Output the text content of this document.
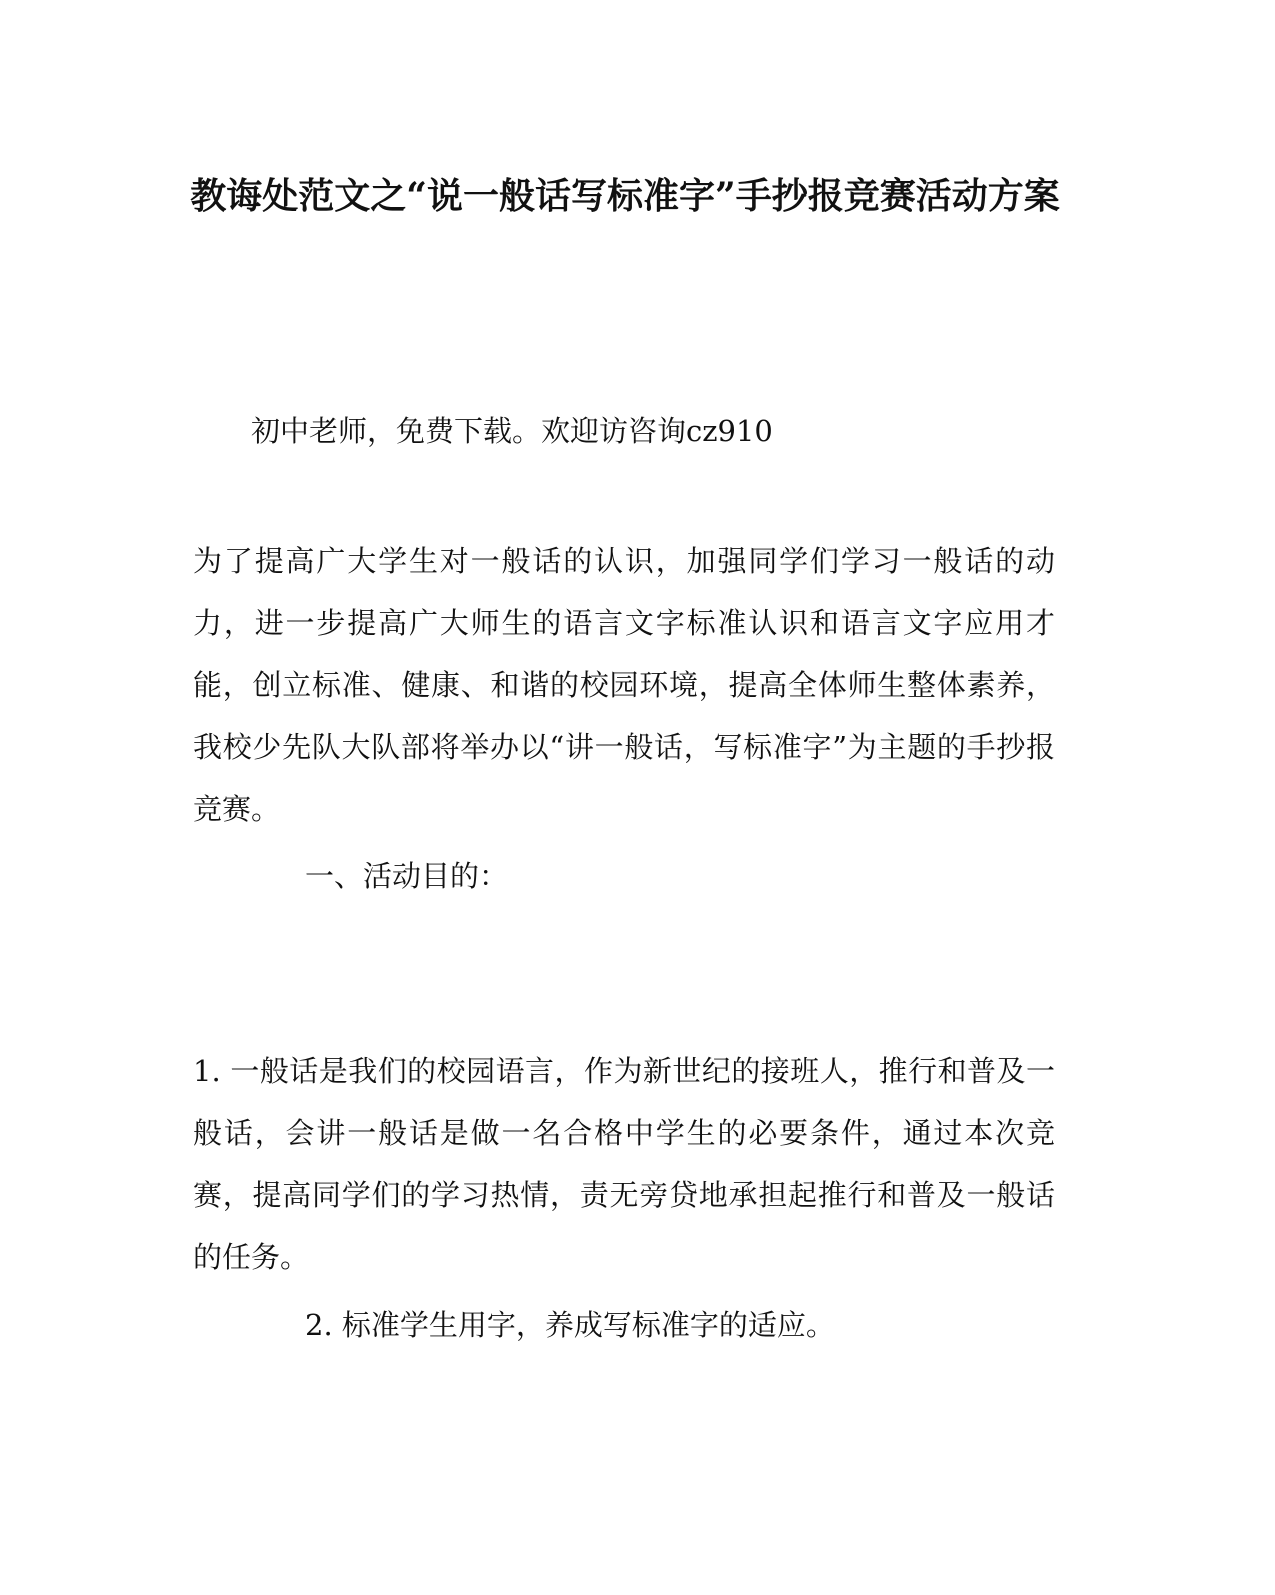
教诲处范文之“说一般话写标准字”手抄报竞赛活动方案
初中老师，免费下载。欢迎访咨询cz910
为了提高广大学生对一般话的认识，加强同学们学习一般话的动力，进一步提高广大师生的语言文字标准认识和语言文字应用才能，创立标准、健康、和谐的校园环境，提高全体师生整体素养，我校少先队大队部将举办以“讲一般话，写标准字”为主题的手抄报竞赛。
一、活动目的：
1. 一般话是我们的校园语言，作为新世纪的接班人，推行和普及一般话，会讲一般话是做一名合格中学生的必要条件，通过本次竞赛，提高同学们的学习热情，责无旁贷地承担起推行和普及一般话的任务。
2. 标准学生用字，养成写标准字的适应。
